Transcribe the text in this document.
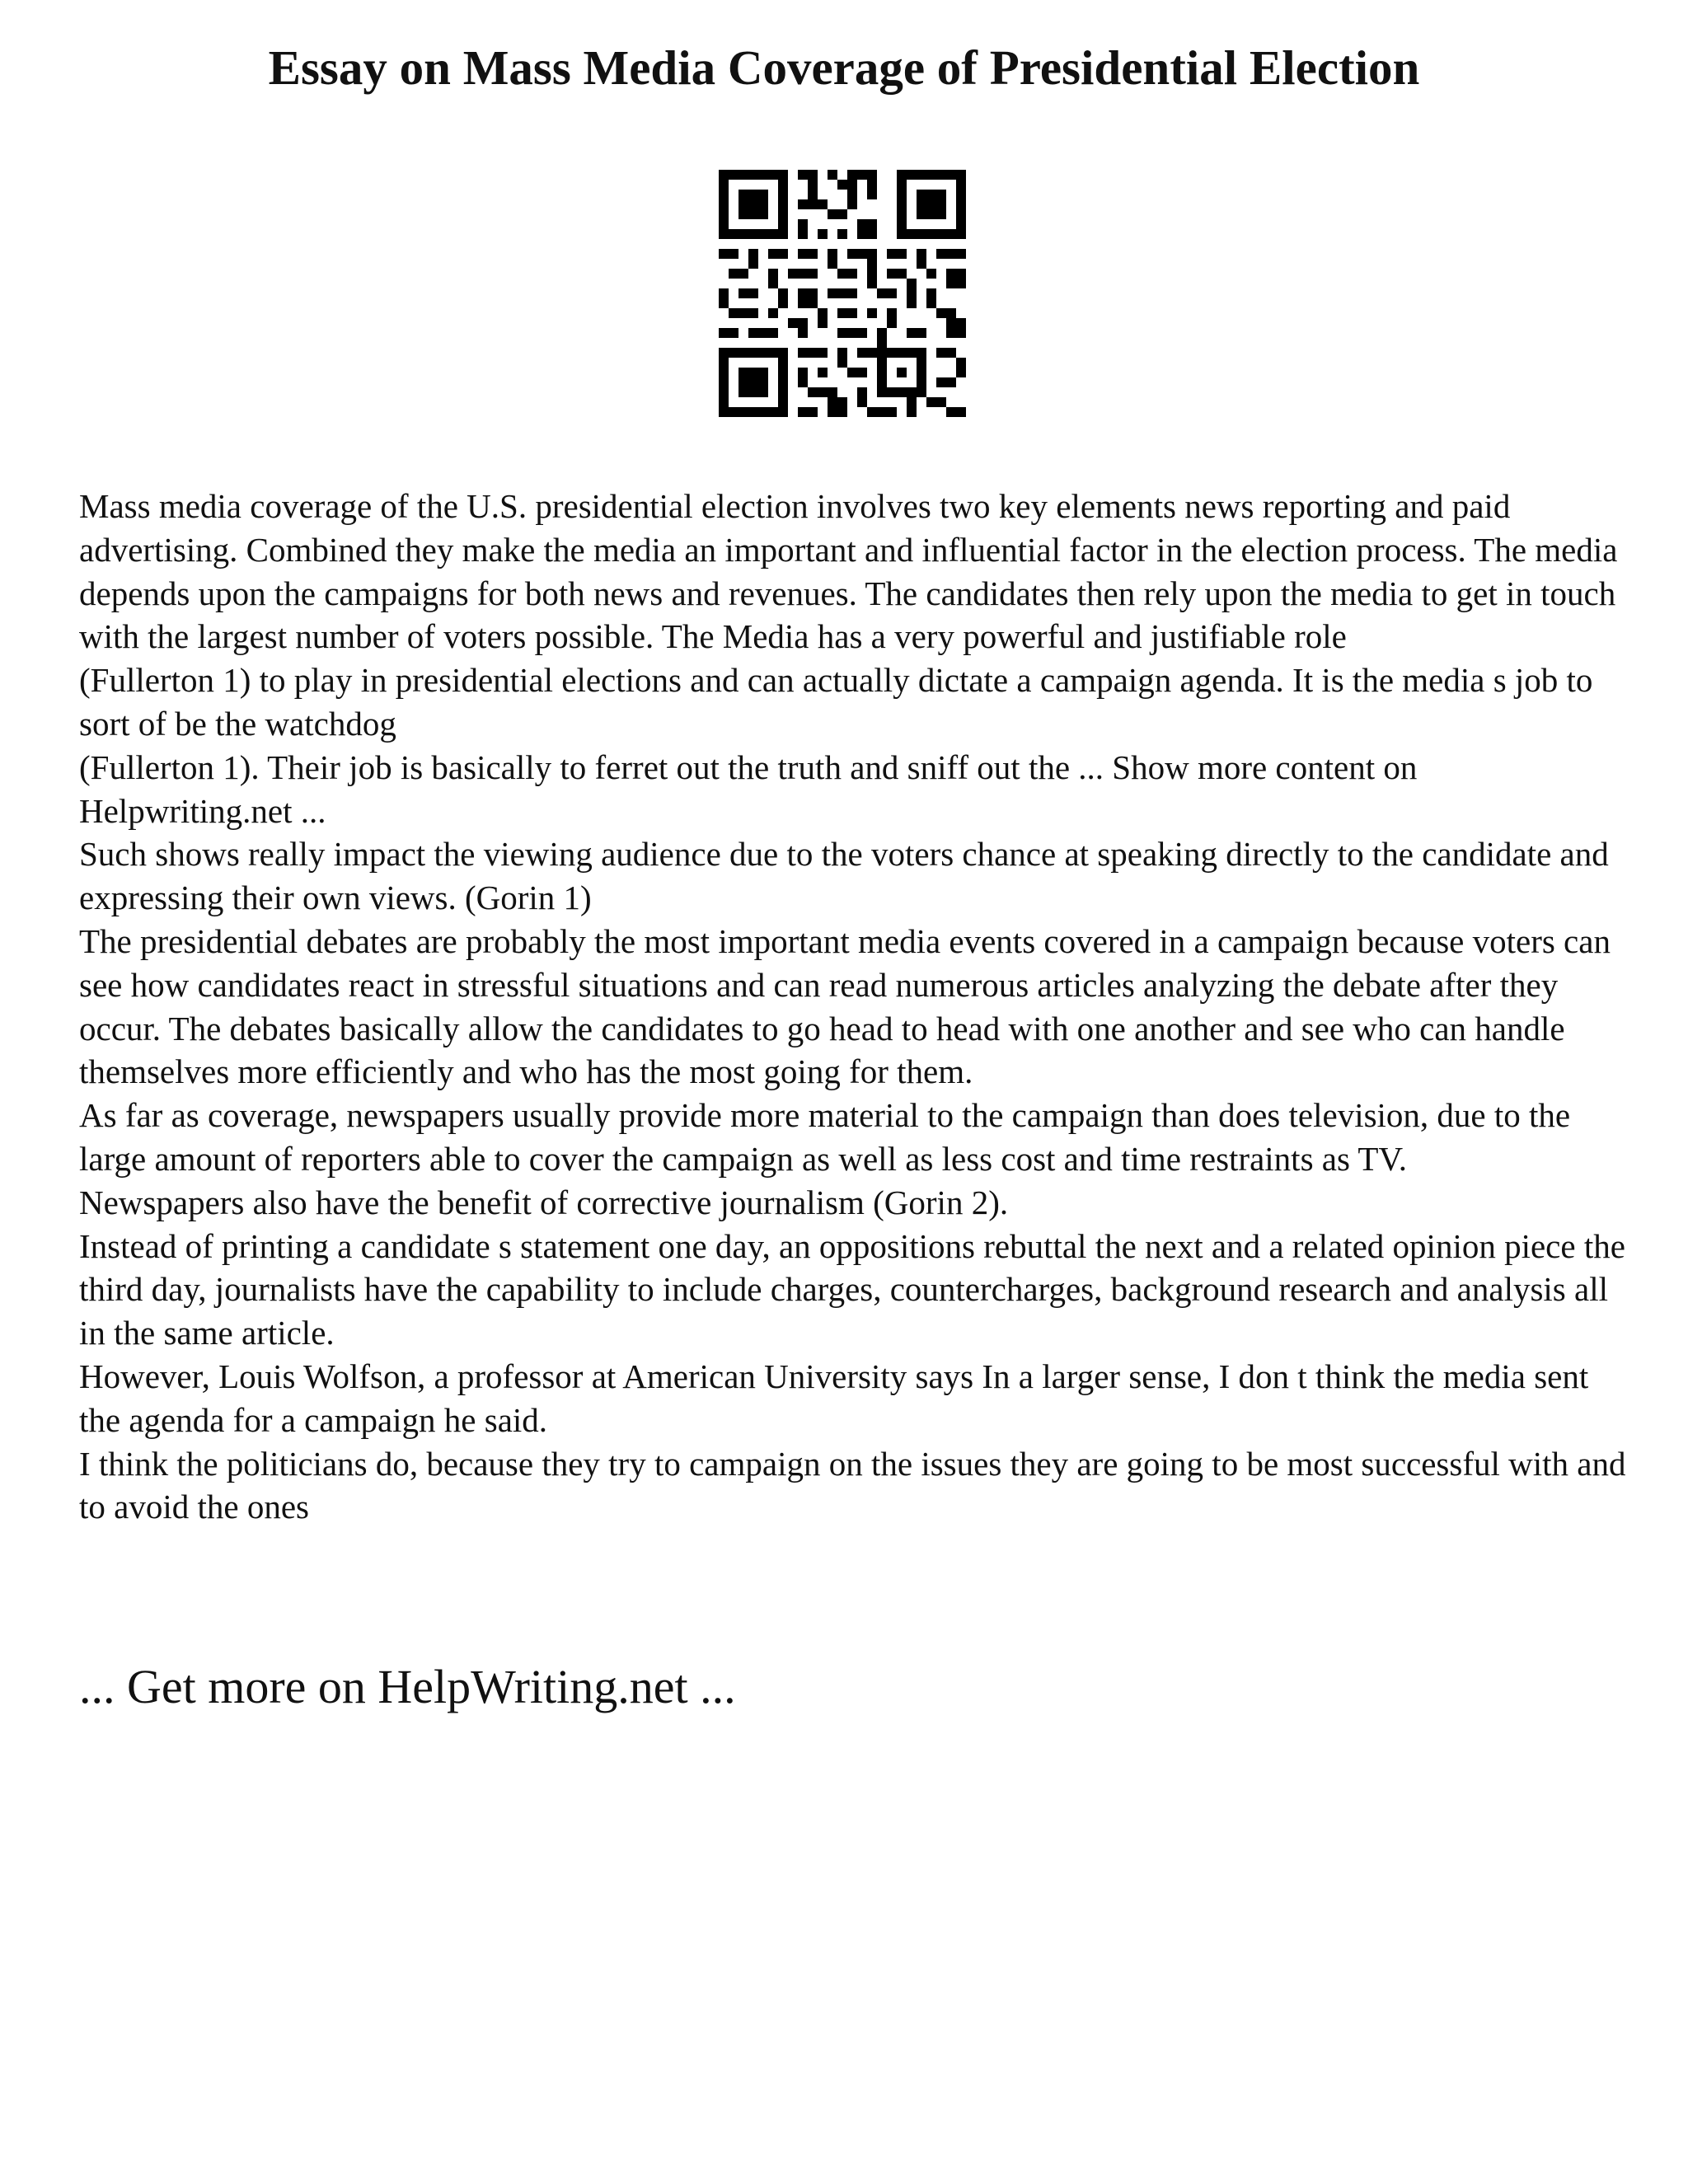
Essay on Mass Media Coverage of Presidential Election

Mass media coverage of the U.S. presidential election involves two key elements news reporting and paid advertising. Combined they make the media an important and influential factor in the election process. The media depends upon the campaigns for both news and revenues. The candidates then rely upon the media to get in touch with the largest number of voters possible. The Media has a very powerful and justifiable role

(Fullerton 1) to play in presidential elections and can actually dictate a campaign agenda. It is the media s job to sort of be the watchdog

(Fullerton 1). Their job is basically to ferret out the truth and sniff out the ... Show more content on Helpwriting.net ...

Such shows really impact the viewing audience due to the voters chance at speaking directly to the candidate and expressing their own views. (Gorin 1)

The presidential debates are probably the most important media events covered in a campaign because voters can see how candidates react in stressful situations and can read numerous articles analyzing the debate after they occur. The debates basically allow the candidates to go head to head with one another and see who can handle themselves more efficiently and who has the most going for them.

As far as coverage, newspapers usually provide more material to the campaign than does television, due to the large amount of reporters able to cover the campaign as well as less cost and time restraints as TV.

Newspapers also have the benefit of corrective journalism (Gorin 2).

Instead of printing a candidate s statement one day, an oppositions rebuttal the next and a related opinion piece the third day, journalists have the capability to include charges, countercharges, background research and analysis all in the same article.

However, Louis Wolfson, a professor at American University says In a larger sense, I don t think the media sent the agenda for a campaign he said.

I think the politicians do, because they try to campaign on the issues they are going to be most successful with and to avoid the ones

... Get more on HelpWriting.net ...
